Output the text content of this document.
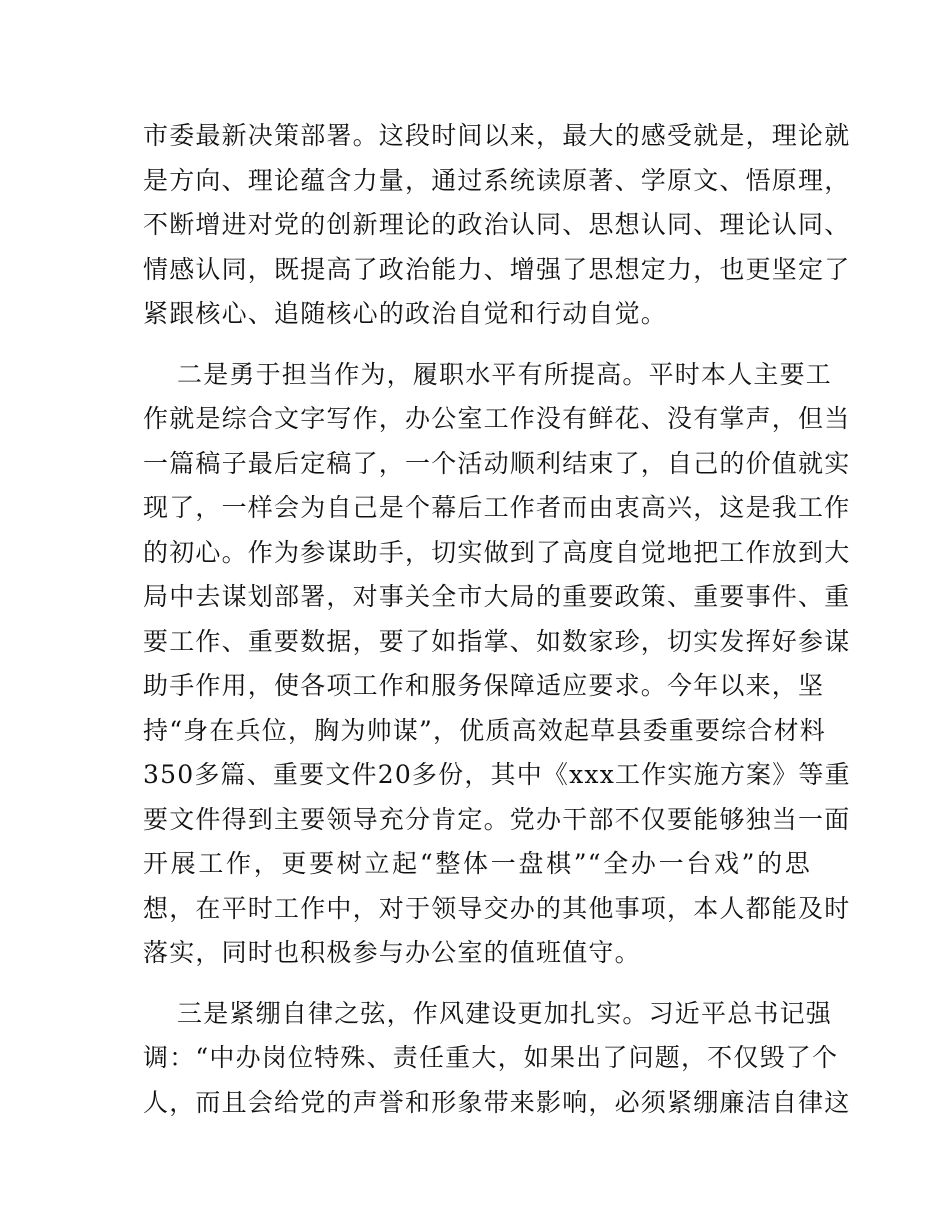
市委最新决策部署。这段时间以来，最大的感受就是，理论就
是方向、理论蕴含力量，通过系统读原著、学原文、悟原理，
不断增进对党的创新理论的政治认同、思想认同、理论认同、
情感认同，既提高了政治能力、增强了思想定力，也更坚定了
紧跟核心、追随核心的政治自觉和行动自觉。
二是勇于担当作为，履职水平有所提高。平时本人主要工
作就是综合文字写作，办公室工作没有鲜花、没有掌声，但当
一篇稿子最后定稿了，一个活动顺利结束了，自己的价值就实
现了，一样会为自己是个幕后工作者而由衷高兴，这是我工作
的初心。作为参谋助手，切实做到了高度自觉地把工作放到大
局中去谋划部署，对事关全市大局的重要政策、重要事件、重
要工作、重要数据，要了如指掌、如数家珍，切实发挥好参谋
助手作用，使各项工作和服务保障适应要求。今年以来，坚
持“身在兵位，胸为帅谋”，优质高效起草县委重要综合材料
350多篇、重要文件20多份，其中《xxx工作实施方案》等重
要文件得到主要领导充分肯定。党办干部不仅要能够独当一面
开展工作，更要树立起“整体一盘棋”“全办一台戏”的思
想，在平时工作中，对于领导交办的其他事项，本人都能及时
落实，同时也积极参与办公室的值班值守。
三是紧绷自律之弦，作风建设更加扎实。习近平总书记强
调：“中办岗位特殊、责任重大，如果出了问题，不仅毁了个
人，而且会给党的声誉和形象带来影响，必须紧绷廉洁自律这
